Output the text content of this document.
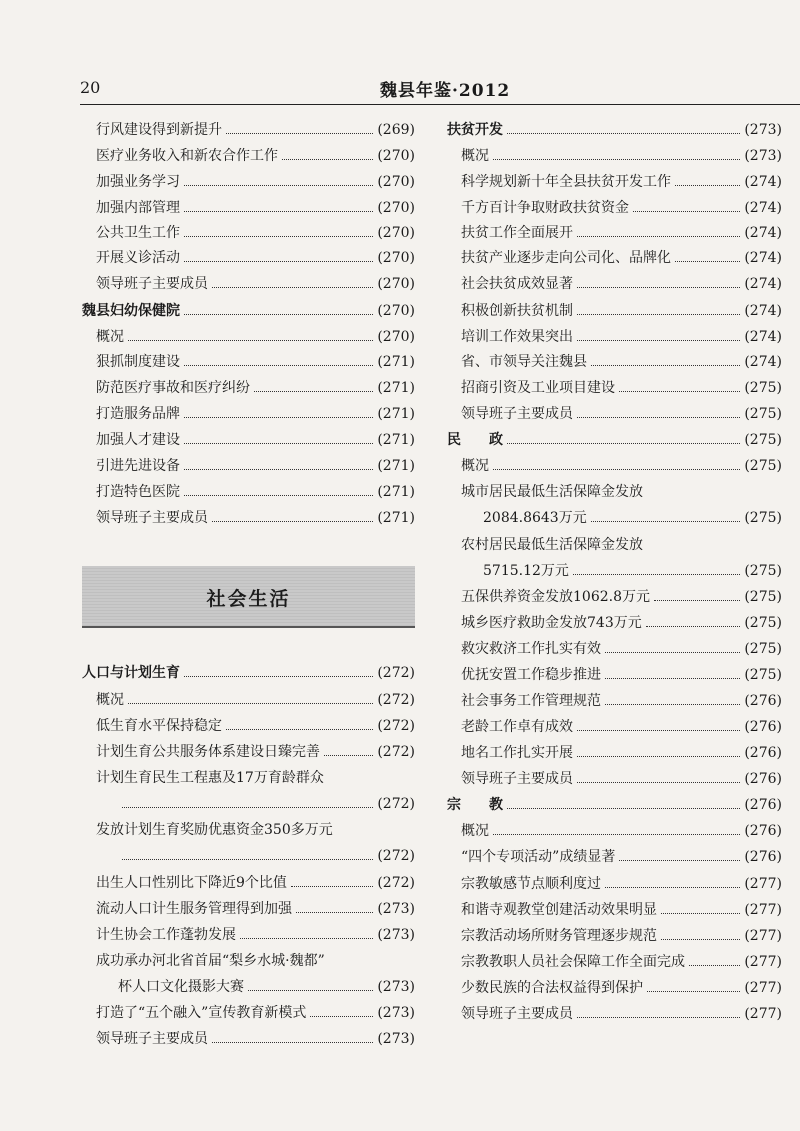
20	魏县年鉴·2012
行风建设得到新提升	(269)
医疗业务收入和新农合作工作	(270)
加强业务学习	(270)
加强内部管理	(270)
公共卫生工作	(270)
开展义诊活动	(270)
领导班子主要成员	(270)
魏县妇幼保健院	(270)
概况	(270)
狠抓制度建设	(271)
防范医疗事故和医疗纠纷	(271)
打造服务品牌	(271)
加强人才建设	(271)
引进先进设备	(271)
打造特色医院	(271)
领导班子主要成员	(271)
人口与计划生育	(272)
概况	(272)
低生育水平保持稳定	(272)
计划生育公共服务体系建设日臻完善	(272)
计划生育民生工程惠及17万育龄群众
(272)
发放计划生育奖励优惠资金350多万元
(272)
出生人口性别比下降近9个比值	(272)
流动人口计生服务管理得到加强	(273)
计生协会工作蓬勃发展	(273)
成功承办河北省首届“梨乡水城·魏都”
杯人口文化摄影大赛	(273)
打造了“五个融入”宣传教育新模式	(273)
领导班子主要成员	(273)
扶贫开发	(273)
概况	(273)
科学规划新十年全县扶贫开发工作	(274)
千方百计争取财政扶贫资金	(274)
扶贫工作全面展开	(274)
扶贫产业逐步走向公司化、品牌化	(274)
社会扶贫成效显著	(274)
积极创新扶贫机制	(274)
培训工作效果突出	(274)
省、市领导关注魏县	(274)
招商引资及工业项目建设	(275)
领导班子主要成员	(275)
民　　政	(275)
概况	(275)
城市居民最低生活保障金发放
2084.8643万元	(275)
农村居民最低生活保障金发放
5715.12万元	(275)
五保供养资金发放1062.8万元	(275)
城乡医疗救助金发放743万元	(275)
救灾救济工作扎实有效	(275)
优抚安置工作稳步推进	(275)
社会事务工作管理规范	(276)
老龄工作卓有成效	(276)
地名工作扎实开展	(276)
领导班子主要成员	(276)
宗　　教	(276)
概况	(276)
“四个专项活动”成绩显著	(276)
宗教敏感节点顺利度过	(277)
和谐寺观教堂创建活动效果明显	(277)
宗教活动场所财务管理逐步规范	(277)
宗教教职人员社会保障工作全面完成	(277)
少数民族的合法权益得到保护	(277)
领导班子主要成员	(277)
社会生活
